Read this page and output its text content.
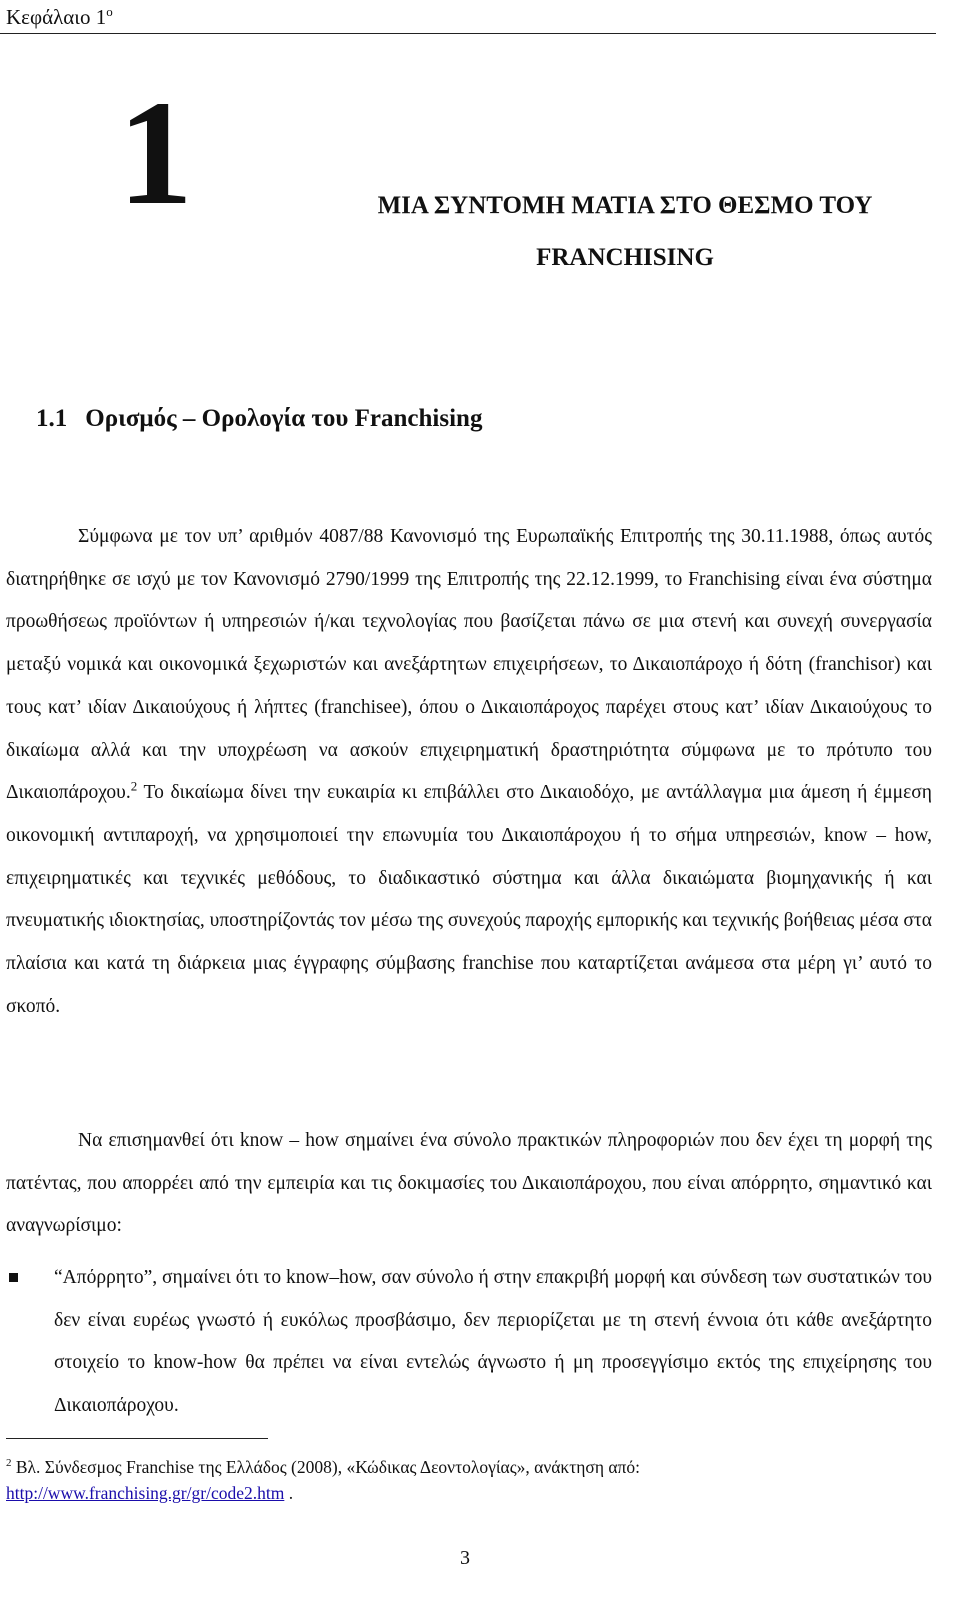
Κεφάλαιο $1^o$
1	ΜΙΑ ΣΥΝΤΟΜΗ ΜΑΤΙΑ ΣΤΟ ΘΕΣΜΟ ΤΟΥ
FRANCHISING
1.1 Ορισμός – Ορολογία του Franchising
Σύμφωνα με τον υπ’ αριθμόν 4087/88 Κανονισμό της Ευρωπαϊκής Επιτροπής της 30.11.1988, όπως αυτός διατηρήθηκε σε ισχύ με τον Κανονισμό 2790/1999 της Επιτροπής της 22.12.1999, το Franchising είναι ένα σύστημα προωθήσεως προϊόντων ή υπηρεσιών ή/και τεχνολογίας που βασίζεται πάνω σε μια στενή και συνεχή συνεργασία μεταξύ νομικά και οικονομικά ξεχωριστών και ανεξάρτητων επιχειρήσεων, το Δικαιοπάροχο ή δότη (franchisor) και τους κατ’ ιδίαν Δικαιούχους ή λήπτες (franchisee), όπου ο Δικαιοπάροχος παρέχει στους κατ’ ιδίαν Δικαιούχους το δικαίωμα αλλά και την υποχρέωση να ασκούν επιχειρηματική δραστηριότητα σύμφωνα με το πρότυπο του Δικαιοπάροχου.$^2$ Το δικαίωμα δίνει την ευκαιρία κι επιβάλλει στο Δικαιοδόχο, με αντάλλαγμα μια άμεση ή έμμεση οικονομική αντιπαροχή, να χρησιμοποιεί την επωνυμία του Δικαιοπάροχου ή το σήμα υπηρεσιών, know – how, επιχειρηματικές και τεχνικές μεθόδους, το διαδικαστικό σύστημα και άλλα δικαιώματα βιομηχανικής ή και πνευματικής ιδιοκτησίας, υποστηρίζοντάς τον μέσω της συνεχούς παροχής εμπορικής και τεχνικής βοήθειας μέσα στα πλαίσια και κατά τη διάρκεια μιας έγγραφης σύμβασης franchise που καταρτίζεται ανάμεσα στα μέρη γι’ αυτό το σκοπό.
Να επισημανθεί ότι know – how σημαίνει ένα σύνολο πρακτικών πληροφοριών που δεν έχει τη μορφή της πατέντας, που απορρέει από την εμπειρία και τις δοκιμασίες του Δικαιοπάροχου, που είναι απόρρητο, σημαντικό και αναγνωρίσιμο:
“Απόρρητο”, σημαίνει ότι το know–how, σαν σύνολο ή στην επακριβή μορφή και σύνδεση των συστατικών του δεν είναι ευρέως γνωστό ή ευκόλως προσβάσιμο, δεν περιορίζεται με τη στενή έννοια ότι κάθε ανεξάρτητο στοιχείο το know-how θα πρέπει να είναι εντελώς άγνωστο ή μη προσεγγίσιμο εκτός της επιχείρησης του Δικαιοπάροχου.
$^2$ Βλ. Σύνδεσμος Franchise της Ελλάδος (2008), «Κώδικας Δεοντολογίας», ανάκτηση από:
http://www.franchising.gr/gr/code2.htm .
3
